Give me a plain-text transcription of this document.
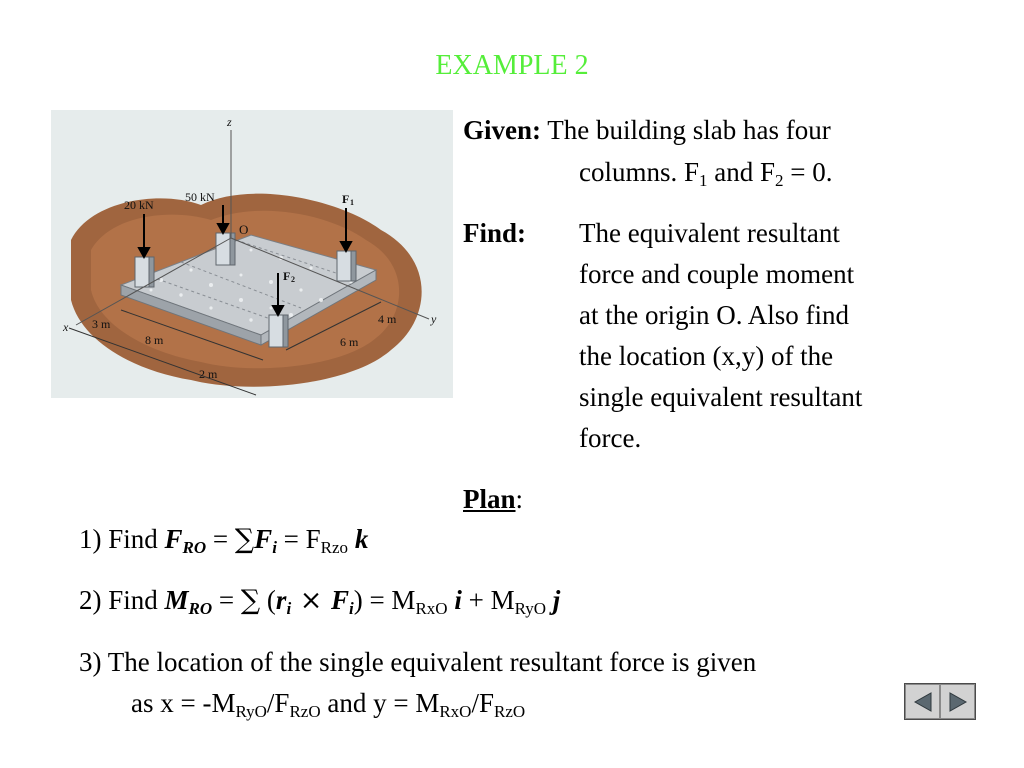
EXAMPLE 2
z
x
y
O
20 kN
50 kN	F 1
F 2
3 m
8 m
2 m
4 m
6 m
Given: The building slab has four
columns. $F_1$ and $F_2 = 0$.
Find: The equivalent resultant
force and couple moment
at the origin O. Also find
the location (x,y) of the
single equivalent resultant
force.
Plan:
1) Find $F_{RO} = \sum F_i = F_{Rzo}$ k
2) Find $M_{RO}$ = ∑ $(r_i \times F_i) = M_{RxO}$ $i + M_{RyO}$ j
3) The location of the single equivalent resultant force is given
as $x = -M_{RyO}/F_{RzO}$ and $y = M_{RxO}/F_{RzO}$
